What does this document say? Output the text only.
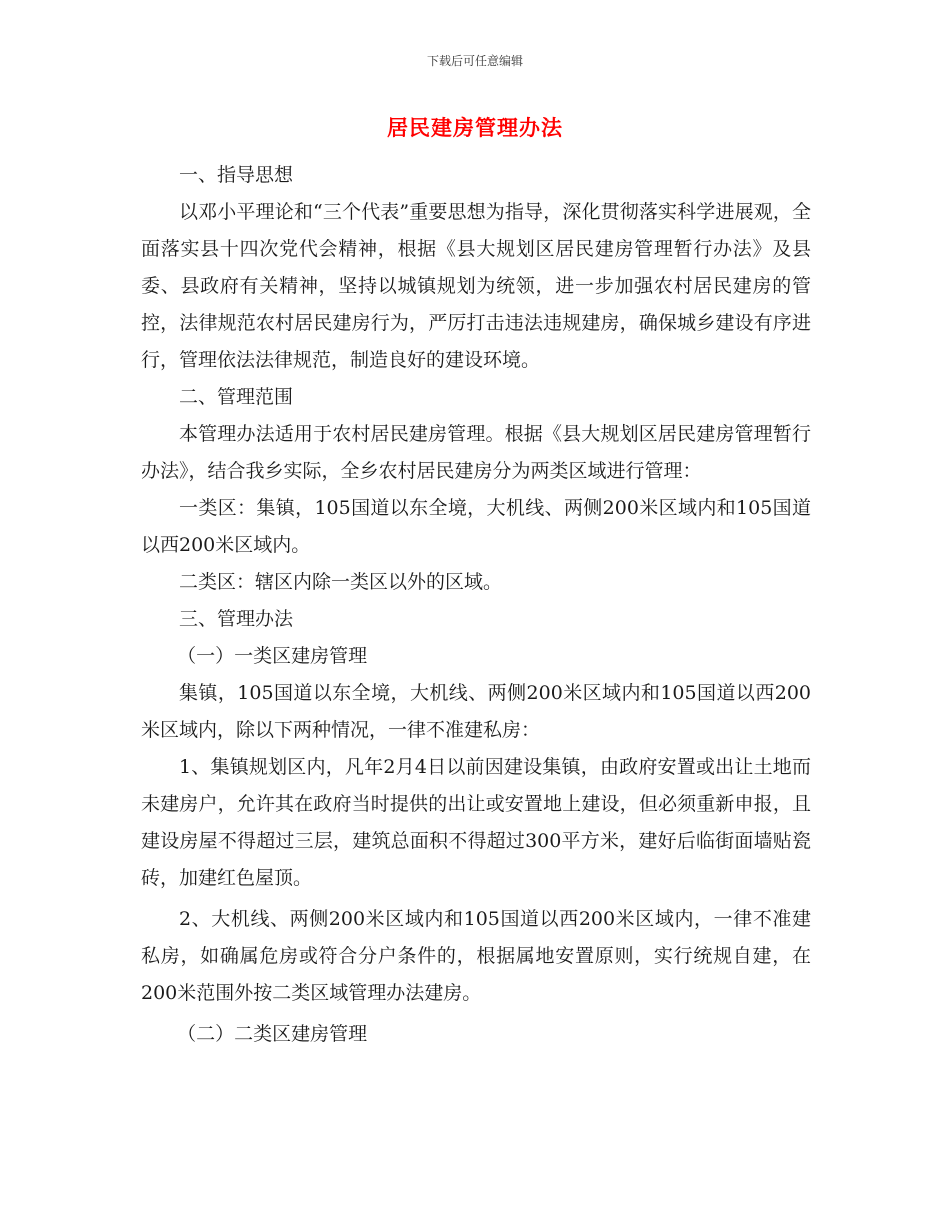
下载后可任意编辑
居民建房管理办法

一、指导思想

以邓小平理论和“三个代表”重要思想为指导，深化贯彻落实科学进展观，全面落实县十四次党代会精神，根据《县大规划区居民建房管理暂行办法》及县委、县政府有关精神，坚持以城镇规划为统领，进一步加强农村居民建房的管控，法律规范农村居民建房行为，严厉打击违法违规建房，确保城乡建设有序进行，管理依法法律规范，制造良好的建设环境。

二、管理范围

本管理办法适用于农村居民建房管理。根据《县大规划区居民建房管理暂行办法》，结合我乡实际，全乡农村居民建房分为两类区域进行管理：

一类区：集镇，105国道以东全境，大机线、两侧200米区域内和105国道以西200米区域内。

二类区：辖区内除一类区以外的区域。

三、管理办法

（一）一类区建房管理

集镇，105国道以东全境，大机线、两侧200米区域内和105国道以西200米区域内，除以下两种情况，一律不准建私房：

1、集镇规划区内，凡年2月4日以前因建设集镇，由政府安置或出让土地而未建房户，允许其在政府当时提供的出让或安置地上建设，但必须重新申报，且建设房屋不得超过三层，建筑总面积不得超过300平方米，建好后临街面墙贴瓷砖，加建红色屋顶。

2、大机线、两侧200米区域内和105国道以西200米区域内，一律不准建私房，如确属危房或符合分户条件的，根据属地安置原则，实行统规自建，在200米范围外按二类区域管理办法建房。

（二）二类区建房管理
